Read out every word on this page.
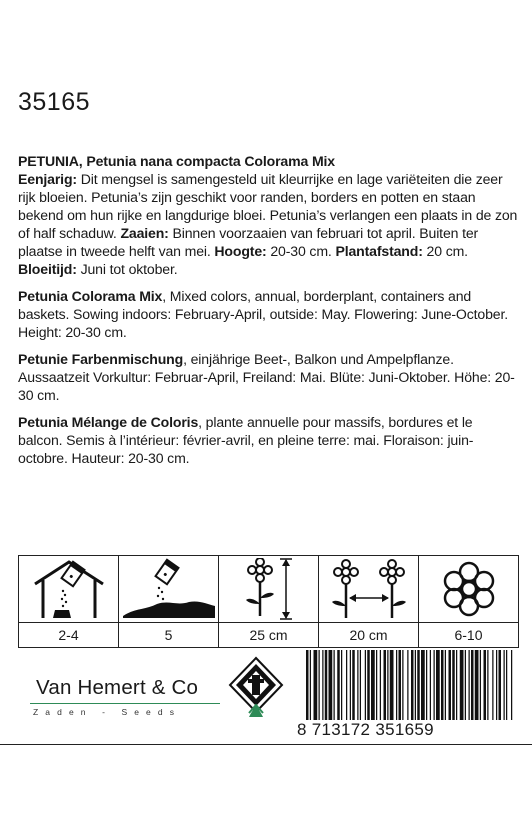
35165

PETUNIA, Petunia nana compacta Colorama Mix
Eenjarig: Dit mengsel is samengesteld uit kleurrijke en lage variëteiten die zeer rijk bloeien. Petunia’s zijn geschikt voor randen, borders en potten en staan bekend om hun rijke en langdurige bloei. Petunia’s verlangen een plaats in de zon of half schaduw. Zaaien: Binnen voorzaaien van februari tot april. Buiten ter plaatse in tweede helft van mei. Hoogte: 20-30 cm. Plantafstand: 20 cm. Bloeitijd: Juni tot oktober.

Petunia Colorama Mix, Mixed colors, annual, borderplant, containers and baskets. Sowing indoors: February-April, outside: May. Flowering: June-October. Height: 20-30 cm.

Petunie Farbenmischung, einjährige Beet-, Balkon und Ampelpflanze. Aussaatzeit Vorkultur: Februar-April, Freiland: Mai. Blüte: Juni-Oktober. Höhe: 20-30 cm.

Petunia Mélange de Coloris, plante annuelle pour massifs, bordures et le balcon. Semis à l’intérieur: février-avril, en pleine terre: mai. Floraison: juin-octobre. Hauteur: 20-30 cm.

2-4	5	25 cm	20 cm	6-10
Van Hemert & Co
Zaden - Seeds
8 713172 351659
